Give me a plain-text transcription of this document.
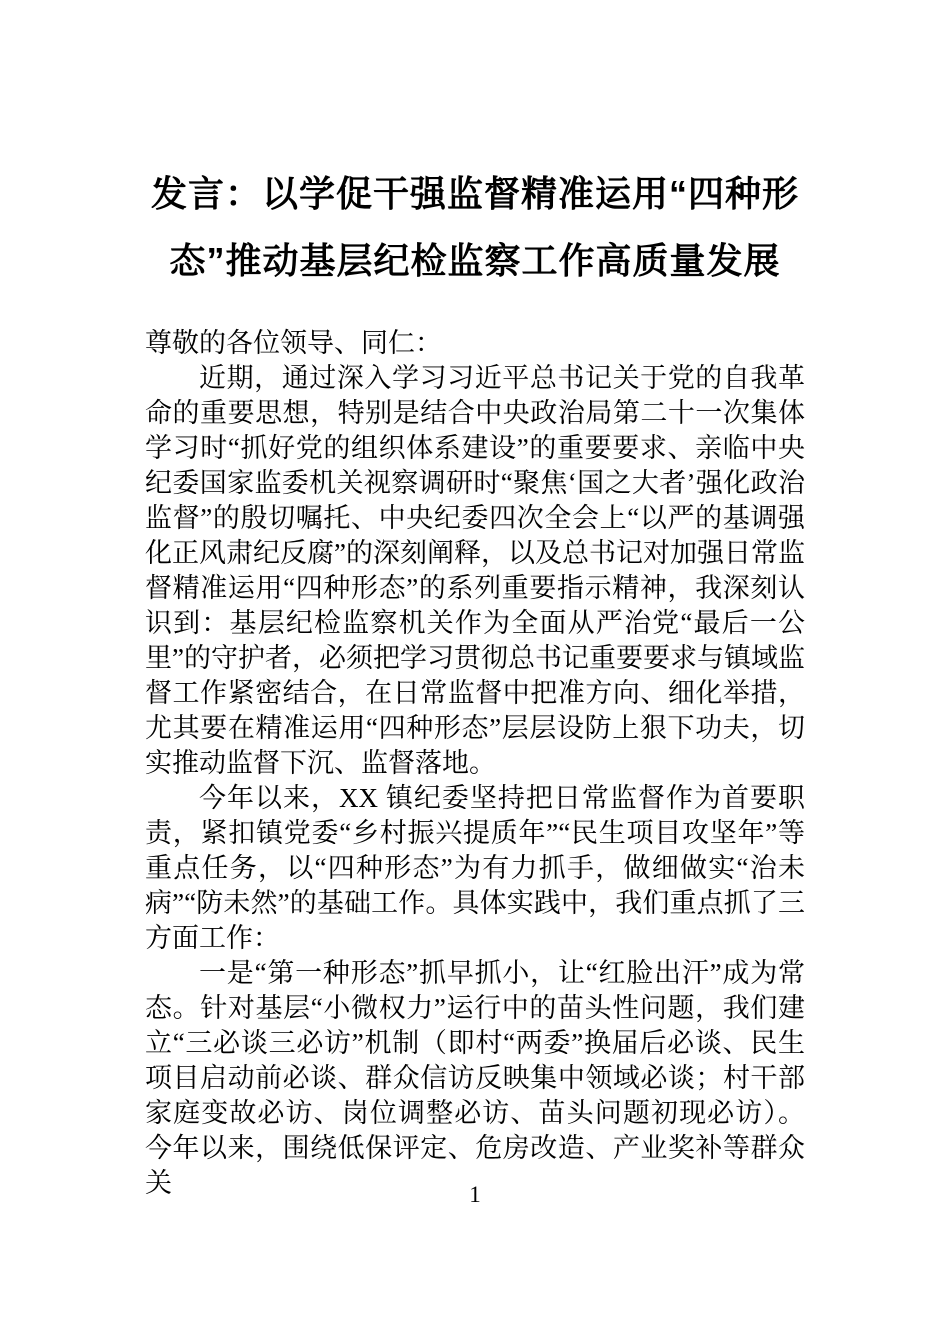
发言：以学促干强监督精准运用“四种形
态”推动基层纪检监察工作高质量发展

尊敬的各位领导、同仁：

近期，通过深入学习习近平总书记关于党的自我革命的重要思想，特别是结合中央政治局第二十一次集体学习时“抓好党的组织体系建设”的重要要求、亲临中央纪委国家监委机关视察调研时“聚焦‘国之大者’强化政治监督”的殷切嘱托、中央纪委四次全会上“以严的基调强化正风肃纪反腐”的深刻阐释，以及总书记对加强日常监督精准运用“四种形态”的系列重要指示精神，我深刻认识到：基层纪检监察机关作为全面从严治党“最后一公里”的守护者，必须把学习贯彻总书记重要要求与镇域监督工作紧密结合，在日常监督中把准方向、细化举措，尤其要在精准运用“四种形态”层层设防上狠下功夫，切实推动监督下沉、监督落地。

今年以来，XX 镇纪委坚持把日常监督作为首要职责，紧扣镇党委“乡村振兴提质年”“民生项目攻坚年”等重点任务，以“四种形态”为有力抓手，做细做实“治未病”“防未然”的基础工作。具体实践中，我们重点抓了三方面工作：

一是“第一种形态”抓早抓小，让“红脸出汗”成为常态。针对基层“小微权力”运行中的苗头性问题，我们建立“三必谈三必访”机制（即村“两委”换届后必谈、民生项目启动前必谈、群众信访反映集中领域必谈；村干部家庭变故必访、岗位调整必访、苗头问题初现必访）。今年以来，围绕低保评定、危房改造、产业奖补等群众关	1
